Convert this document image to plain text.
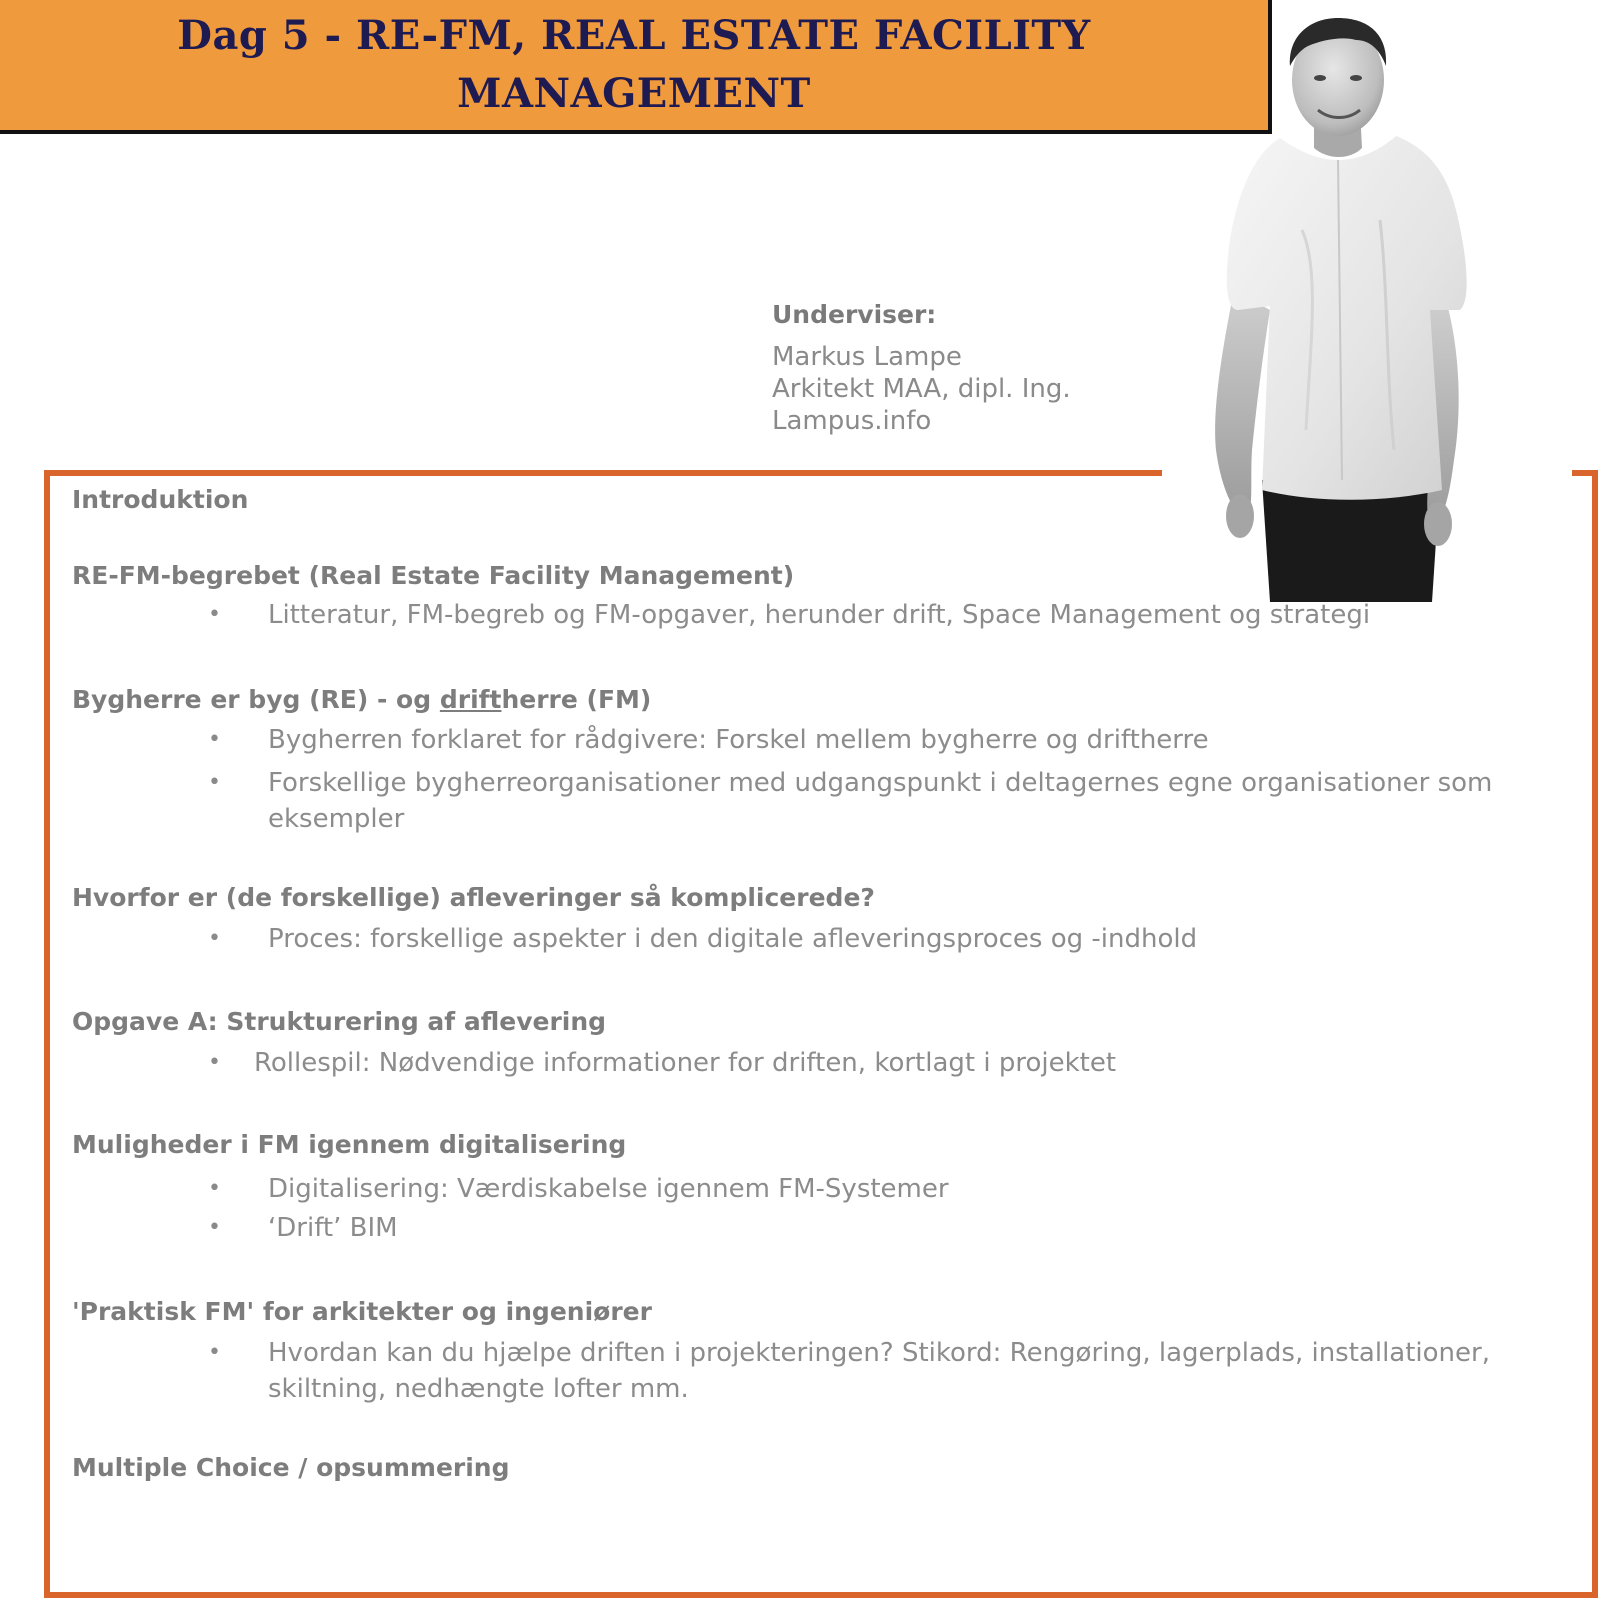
Dag 5 - RE-FM, REAL ESTATE FACILITY
MANAGEMENT
Underviser:
Markus Lampe
Arkitekt MAA, dipl. Ing.
Lampus.info
Introduktion
RE-FM-begrebet (Real Estate Facility Management)
• Litteratur, FM-begreb og FM-opgaver, herunder drift, Space Management og strategi
Bygherre er byg (RE) - og driftherre (FM)
• Bygherren forklaret for rådgivere: Forskel mellem bygherre og driftherre
• Forskellige bygherreorganisationer med udgangspunkt i deltagernes egne organisationer som eksempler
Hvorfor er (de forskellige) afleveringer så komplicerede?
• Proces: forskellige aspekter i den digitale afleveringsproces og -indhold
Opgave A: Strukturering af aflevering
• Rollespil: Nødvendige informationer for driften, kortlagt i projektet
Muligheder i FM igennem digitalisering
• Digitalisering: Værdiskabelse igennem FM-Systemer
• ‘Drift’ BIM
'Praktisk FM' for arkitekter og ingeniører
• Hvordan kan du hjælpe driften i projekteringen? Stikord: Rengøring, lagerplads, installationer, skiltning, nedhængte lofter mm.
Multiple Choice / opsummering
